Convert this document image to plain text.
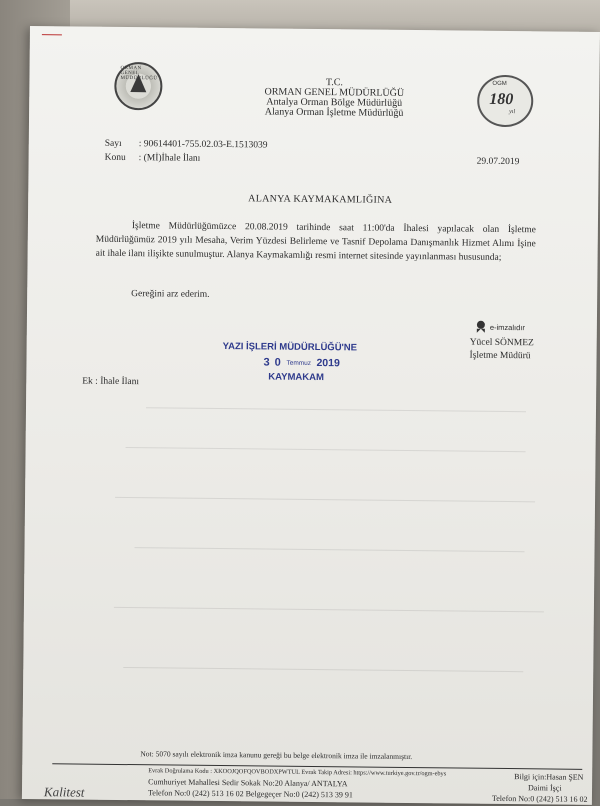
ORMAN GENEL MÜDÜRLÜĞÜ
OGM
180
yıl
T.C.
ORMAN GENEL MÜDÜRLÜĞÜ
Antalya Orman Bölge Müdürlüğü
Alanya Orman İşletme Müdürlüğü
Sayı : 90614401-755.02.03-E.1513039
Konu : (Mİ)İhale İlanı	29.07.2019
ALANYA KAYMAKAMLIĞINA
İşletme Müdürlüğümüzce 20.08.2019 tarihinde saat 11:00'da İhalesi yapılacak olan İşletme Müdürlüğümüz 2019 yılı Mesaha, Verim Yüzdesi Belirleme ve Tasnif Depolama Danışmanlık Hizmet Alımı İşine ait ihale ilanı ilişikte sunulmuştur. Alanya Kaymakamlığı resmi internet sitesinde yayınlanması hususunda;
Gereğini arz ederim.
e-imzalıdır
Yücel SÖNMEZ
İşletme Müdürü
YAZI İŞLERİ MÜDÜRLÜĞÜ'NE
3 0 Temmuz 2019
KAYMAKAM
Ek : İhale İlanı
Not: 5070 sayılı elektronik imza kanunu gereği bu belge elektronik imza ile imzalanmıştır.
Evrak Doğrulama Kodu : XKOOJQOFQOVBODXPWTUL Evrak Takip Adresi: https://www.turkiye.gov.tr/ogm-ebys
Cumhuriyet Mahallesi Sedir Sokak No:20 Alanya/ ANTALYA
Telefon No:0 (242) 513 16 02 Belgegeçer No:0 (242) 513 39 91
Bilgi için:Hasan ŞEN
Daimi İşçi
Telefon No:0 (242) 513 16 02
Kalitest
